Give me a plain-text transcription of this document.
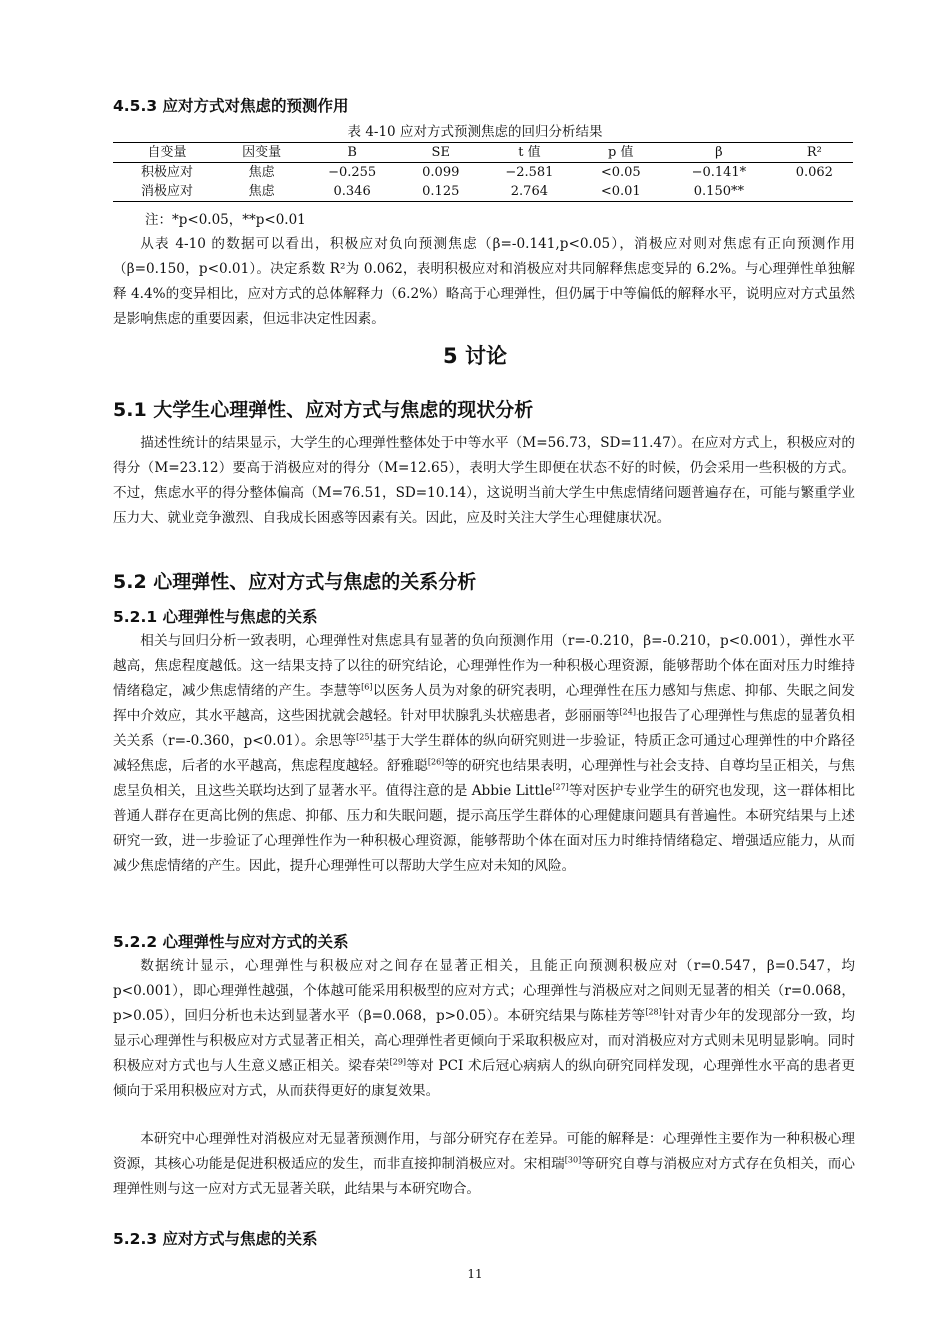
4.5.3 应对方式对焦虑的预测作用
表 4-10 应对方式预测焦虑的回归分析结果
自变量	因变量	B	SE	t 值	p 值	β	R²
积极应对	焦虑	−0.255	0.099	−2.581	<0.05	−0.141*	0.062
消极应对	焦虑	0.346	0.125	2.764	<0.01	0.150**	
注：*p<0.05，**p<0.01

从表 4-10 的数据可以看出，积极应对负向预测焦虑（β=-0.141,p<0.05），消极应对则对焦虑有正向预测作用（β=0.150，p<0.01）。决定系数 R²为 0.062，表明积极应对和消极应对共同解释焦虑变异的 6.2%。与心理弹性单独解释 4.4%的变异相比，应对方式的总体解释力（6.2%）略高于心理弹性，但仍属于中等偏低的解释水平，说明应对方式虽然是影响焦虑的重要因素，但远非决定性因素。

5 讨论
5.1 大学生心理弹性、应对方式与焦虑的现状分析

描述性统计的结果显示，大学生的心理弹性整体处于中等水平（M=56.73，SD=11.47）。在应对方式上，积极应对的得分（M=23.12）要高于消极应对的得分（M=12.65），表明大学生即便在状态不好的时候，仍会采用一些积极的方式。不过，焦虑水平的得分整体偏高（M=76.51，SD=10.14），这说明当前大学生中焦虑情绪问题普遍存在，可能与繁重学业压力大、就业竞争激烈、自我成长困惑等因素有关。因此，应及时关注大学生心理健康状况。

5.2 心理弹性、应对方式与焦虑的关系分析
5.2.1 心理弹性与焦虑的关系

相关与回归分析一致表明，心理弹性对焦虑具有显著的负向预测作用（r=-0.210，β=-0.210，p<0.001），弹性水平越高，焦虑程度越低。这一结果支持了以往的研究结论，心理弹性作为一种积极心理资源，能够帮助个体在面对压力时维持情绪稳定，减少焦虑情绪的产生。李慧等[6]以医务人员为对象的研究表明，心理弹性在压力感知与焦虑、抑郁、失眠之间发挥中介效应，其水平越高，这些困扰就会越轻。针对甲状腺乳头状癌患者，彭丽丽等[24]也报告了心理弹性与焦虑的显著负相关关系（r=-0.360，p<0.01）。余思等[25]基于大学生群体的纵向研究则进一步验证，特质正念可通过心理弹性的中介路径减轻焦虑，后者的水平越高，焦虑程度越轻。舒雅聪[26]等的研究也结果表明，心理弹性与社会支持、自尊均呈正相关，与焦虑呈负相关，且这些关联均达到了显著水平。值得注意的是 Abbie Little[27]等对医护专业学生的研究也发现，这一群体相比普通人群存在更高比例的焦虑、抑郁、压力和失眠问题，提示高压学生群体的心理健康问题具有普遍性。本研究结果与上述研究一致，进一步验证了心理弹性作为一种积极心理资源，能够帮助个体在面对压力时维持情绪稳定、增强适应能力，从而减少焦虑情绪的产生。因此，提升心理弹性可以帮助大学生应对未知的风险。

5.2.2 心理弹性与应对方式的关系

数据统计显示，心理弹性与积极应对之间存在显著正相关，且能正向预测积极应对（r=0.547，β=0.547，均 p<0.001），即心理弹性越强，个体越可能采用积极型的应对方式；心理弹性与消极应对之间则无显著的相关（r=0.068，p>0.05），回归分析也未达到显著水平（β=0.068，p>0.05）。本研究结果与陈桂芳等[28]针对青少年的发现部分一致，均显示心理弹性与积极应对方式显著正相关，高心理弹性者更倾向于采取积极应对，而对消极应对方式则未见明显影响。同时积极应对方式也与人生意义感正相关。梁春荣[29]等对 PCI 术后冠心病病人的纵向研究同样发现，心理弹性水平高的患者更倾向于采用积极应对方式，从而获得更好的康复效果。

本研究中心理弹性对消极应对无显著预测作用，与部分研究存在差异。可能的解释是：心理弹性主要作为一种积极心理资源，其核心功能是促进积极适应的发生，而非直接抑制消极应对。宋相瑞[30]等研究自尊与消极应对方式存在负相关，而心理弹性则与这一应对方式无显著关联，此结果与本研究吻合。

5.2.3 应对方式与焦虑的关系
11
